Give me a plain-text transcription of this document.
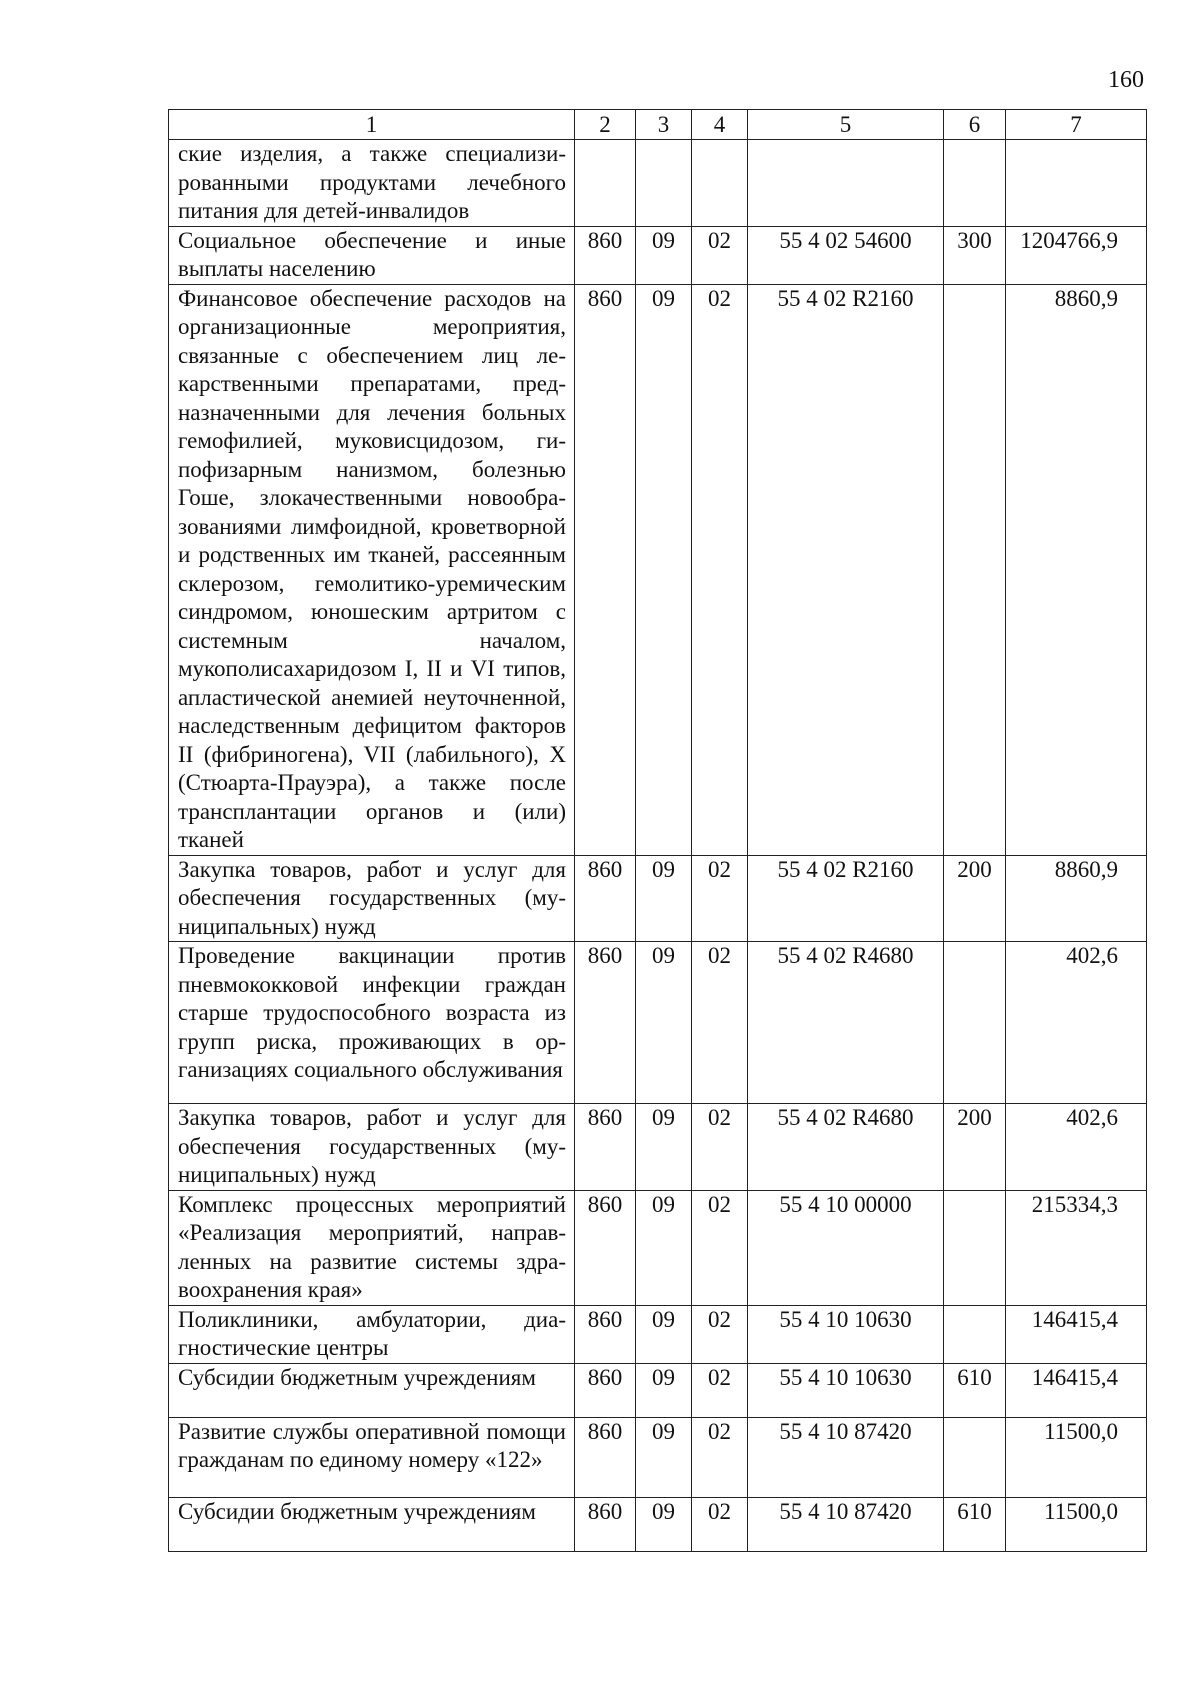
160
1	2	3	4	5	6	7
ские изделия, а также специализированными продуктами лечебного питания для детей-инвалидов						
Социальное обеспечение и иные выплаты населению	860	09	02	55 4 02 54600	300	1204766,9
Финансовое обеспечение расходов на организационные мероприятия, связанные с обеспечением лиц лекарственными препаратами, предназначенными для лечения больных гемофилией, муковисцидозом, гипофизарным нанизмом, болезнью Гоше, злокачественными новообразованиями лимфоидной, кроветворной и родственных им тканей, рассеянным склерозом, гемолитико-уремическим синдромом, юношеским артритом с системным началом, мукополисахаридозом I, II и VI типов, апластической анемией неуточненной, наследственным дефицитом факторов II (фибриногена), VII (лабильного), X (Стюарта-Прауэра), а также после трансплантации органов и (или) тканей	860	09	02	55 4 02 R2160		8860,9
Закупка товаров, работ и услуг для обеспечения государственных (муниципальных) нужд	860	09	02	55 4 02 R2160	200	8860,9
Проведение вакцинации против пневмококковой инфекции граждан старше трудоспособного возраста из групп риска, проживающих в организациях социального обслуживания	860	09	02	55 4 02 R4680		402,6
Закупка товаров, работ и услуг для обеспечения государственных (муниципальных) нужд	860	09	02	55 4 02 R4680	200	402,6
Комплекс процессных мероприятий «Реализация мероприятий, направленных на развитие системы здравоохранения края»	860	09	02	55 4 10 00000		215334,3
Поликлиники, амбулатории, диагностические центры	860	09	02	55 4 10 10630		146415,4
Субсидии бюджетным учреждениям	860	09	02	55 4 10 10630	610	146415,4
Развитие службы оперативной помощи гражданам по единому номеру «122»	860	09	02	55 4 10 87420		11500,0
Субсидии бюджетным учреждениям	860	09	02	55 4 10 87420	610	11500,0
